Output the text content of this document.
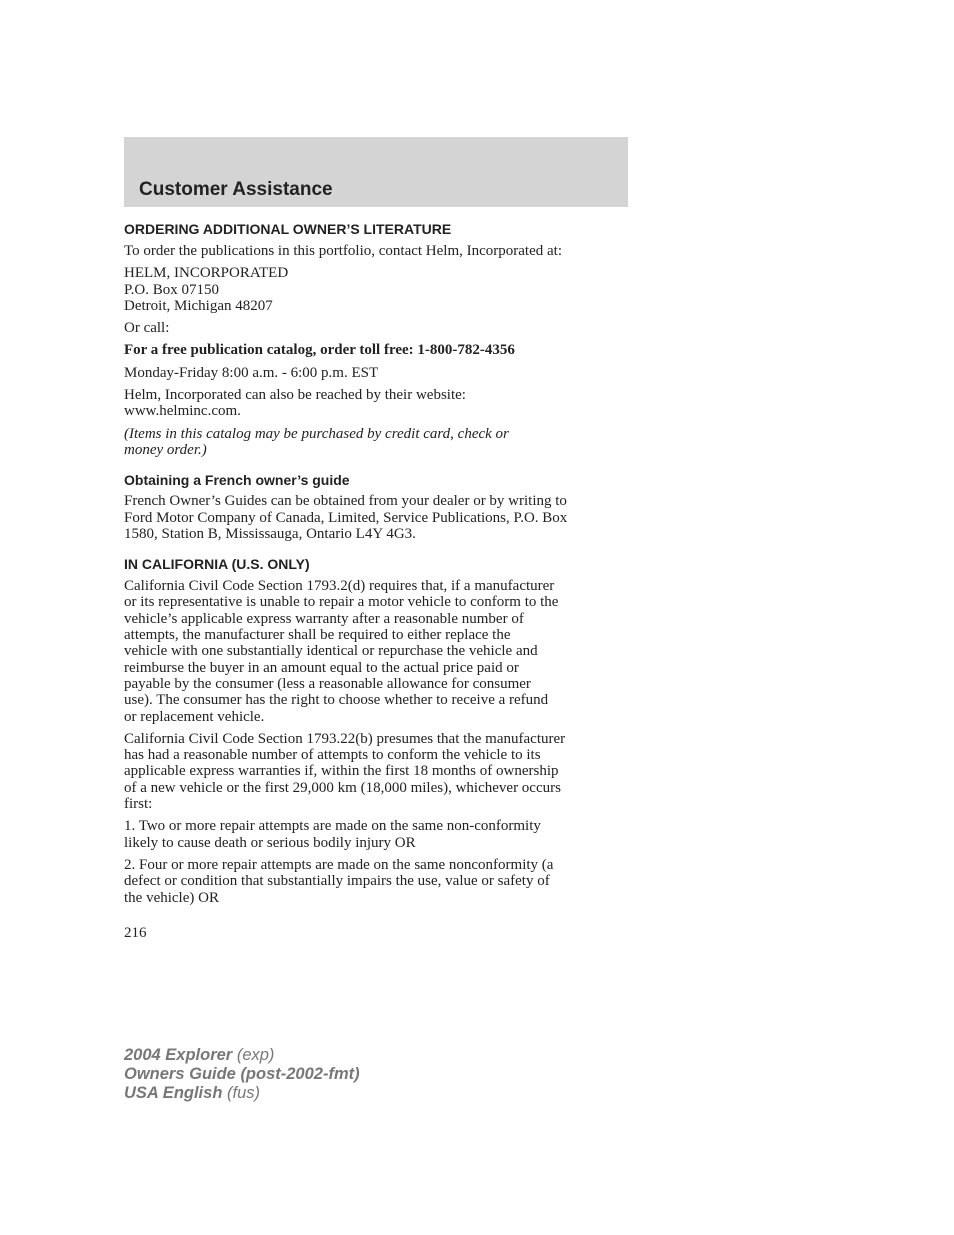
Customer Assistance
ORDERING ADDITIONAL OWNER’S LITERATURE

To order the publications in this portfolio, contact Helm, Incorporated at:

HELM, INCORPORATED
P.O. Box 07150
Detroit, Michigan 48207

Or call:

For a free publication catalog, order toll free: 1-800-782-4356

Monday-Friday 8:00 a.m. - 6:00 p.m. EST

Helm, Incorporated can also be reached by their website:
www.helminc.com.

(Items in this catalog may be purchased by credit card, check or
money order.)

Obtaining a French owner’s guide

French Owner’s Guides can be obtained from your dealer or by writing to
Ford Motor Company of Canada, Limited, Service Publications, P.O. Box
1580, Station B, Mississauga, Ontario L4Y 4G3.

IN CALIFORNIA (U.S. ONLY)

California Civil Code Section 1793.2(d) requires that, if a manufacturer
or its representative is unable to repair a motor vehicle to conform to the
vehicle’s applicable express warranty after a reasonable number of
attempts, the manufacturer shall be required to either replace the
vehicle with one substantially identical or repurchase the vehicle and
reimburse the buyer in an amount equal to the actual price paid or
payable by the consumer (less a reasonable allowance for consumer
use). The consumer has the right to choose whether to receive a refund
or replacement vehicle.

California Civil Code Section 1793.22(b) presumes that the manufacturer
has had a reasonable number of attempts to conform the vehicle to its
applicable express warranties if, within the first 18 months of ownership
of a new vehicle or the first 29,000 km (18,000 miles), whichever occurs
first:

1. Two or more repair attempts are made on the same non-conformity
likely to cause death or serious bodily injury OR

2. Four or more repair attempts are made on the same nonconformity (a
defect or condition that substantially impairs the use, value or safety of
the vehicle) OR

216
2004 Explorer (exp)
Owners Guide (post-2002-fmt)
USA English (fus)
